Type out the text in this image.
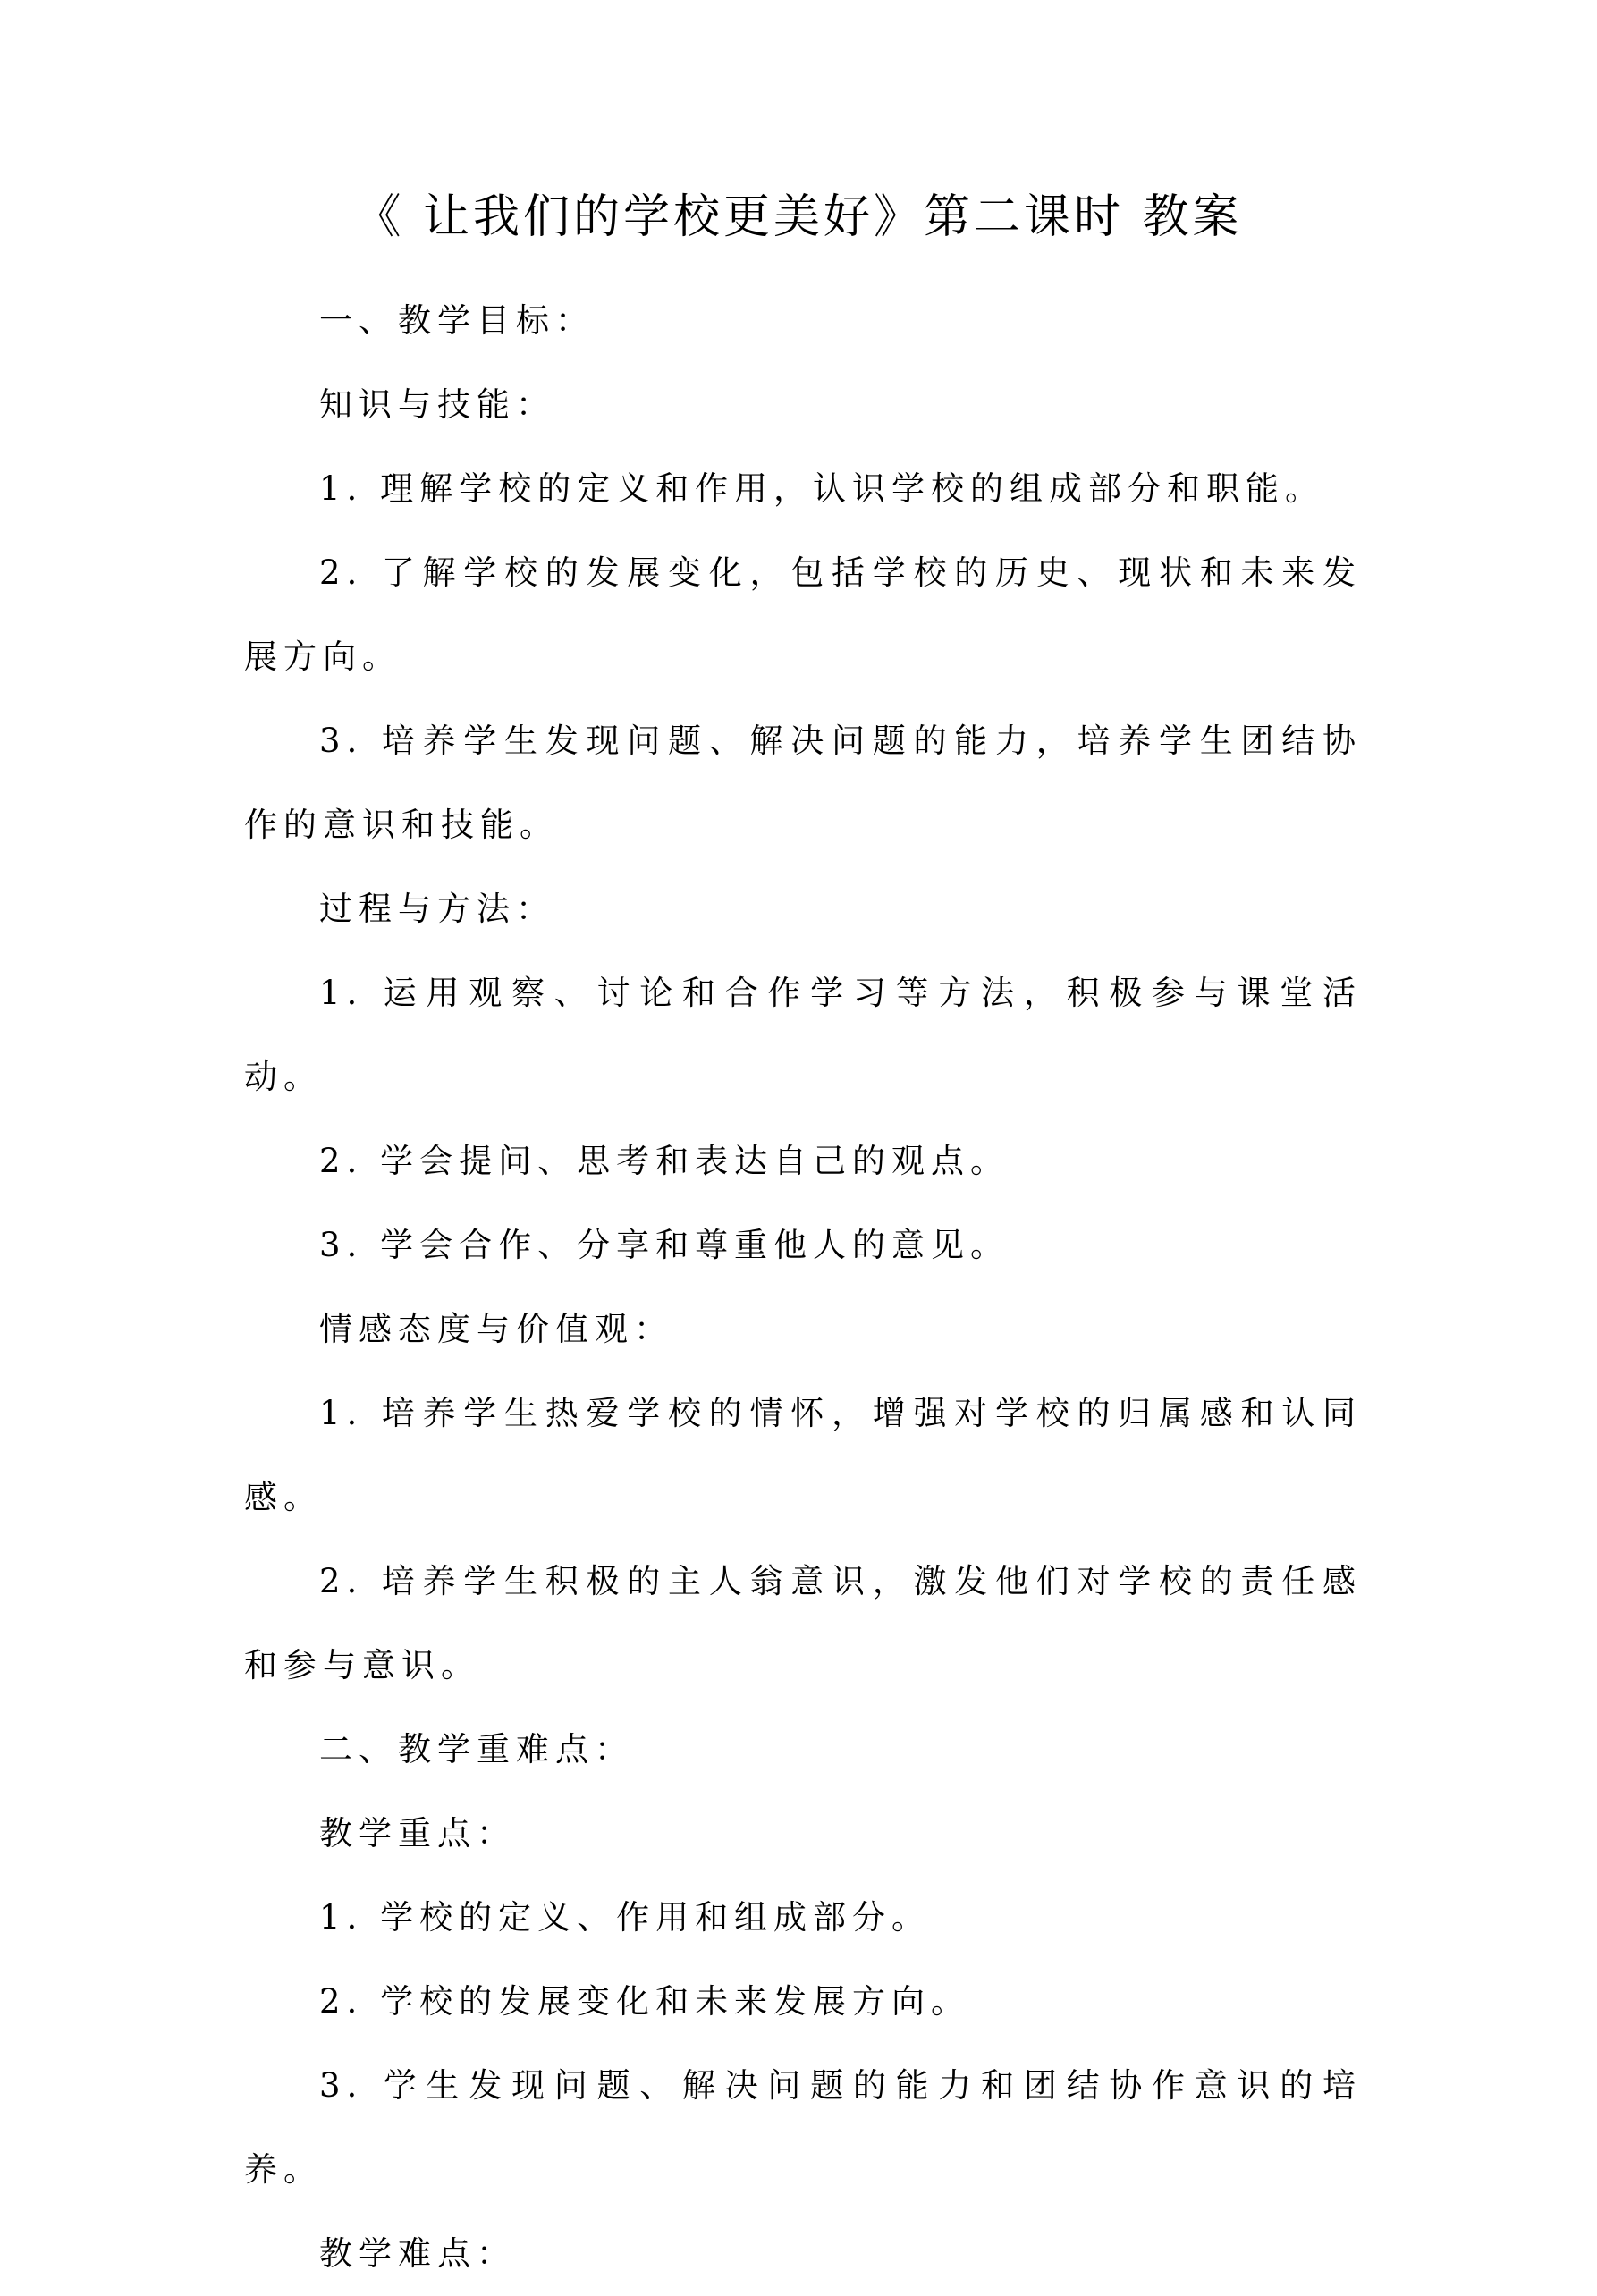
《 让我们的学校更美好》第二课时 教案

一、教学目标：

知识与技能：

1. 理解学校的定义和作用，认识学校的组成部分和职能。

2. 了解学校的发展变化，包括学校的历史、现状和未来发展方向。

3. 培养学生发现问题、解决问题的能力，培养学生团结协作的意识和技能。

过程与方法：

1. 运用观察、讨论和合作学习等方法，积极参与课堂活动。

2. 学会提问、思考和表达自己的观点。

3. 学会合作、分享和尊重他人的意见。

情感态度与价值观：

1. 培养学生热爱学校的情怀，增强对学校的归属感和认同感。

2. 培养学生积极的主人翁意识，激发他们对学校的责任感和参与意识。

二、教学重难点：

教学重点：

1. 学校的定义、作用和组成部分。

2. 学校的发展变化和未来发展方向。

3. 学生发现问题、解决问题的能力和团结协作意识的培养。

教学难点：
